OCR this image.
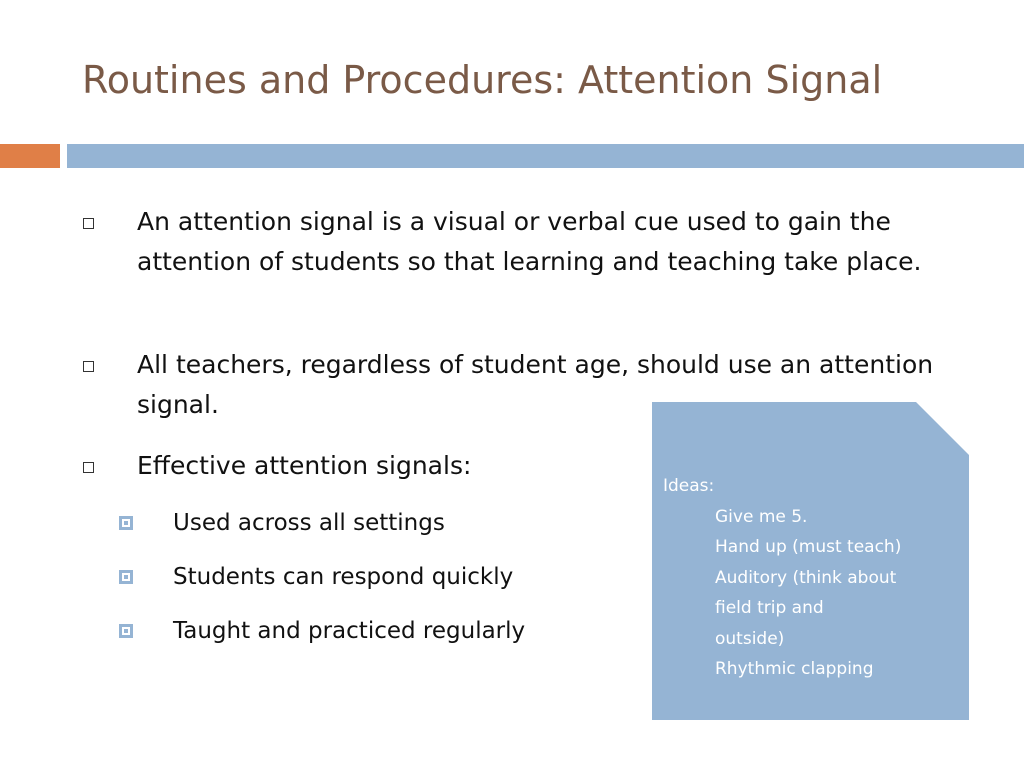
Routines and Procedures: Attention Signal
An attention signal is a visual or verbal cue used to gain the attention of students so that learning and teaching take place.
All teachers, regardless of student age, should use an attention signal.
Effective attention signals:
Used across all settings
Students can respond quickly
Taught and practiced regularly
Ideas:
Give me 5.
Hand up (must teach)
Auditory (think about
field trip and
outside)
Rhythmic clapping
